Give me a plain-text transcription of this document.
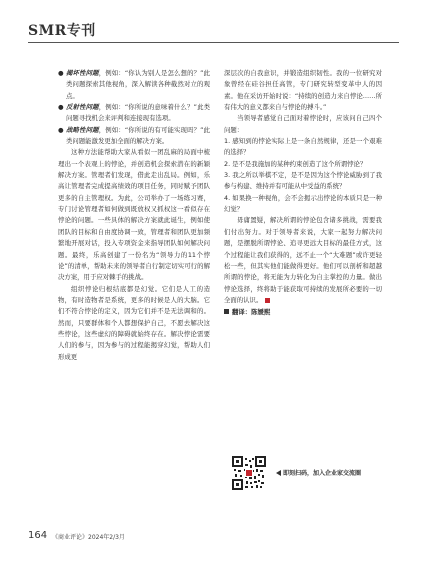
SMR专刊
● 揭坏性问题，例如：“你认为别人是怎么想的？”此类问题探索其他视角，深入解读各种截然对立的观点。
● 反射性问题，例如：“你所说的意味着什么？”此类问题寻找机会来评判和连接现有选项。
● 战略性问题，例如：“你所说的有可能实现吗？”此类问题能激发更加全面的解决方案。

这种方法能帮助大家从看似一团乱麻的局面中梳理出一个表观上的悖论，并创造机会探索潜在的新颖解决方案。管理者们发现，借此走出乱局。例如，乐高让管理者完成提高绩效的项目任务，同时赋予团队更多的自主管理权。为此，公司举办了一场练习赛，专门讨论管理者如何做到既放权又抓权这一看似存在悖论的问题。一些具体的解决方案就此诞生，例如使团队的目标和自由度协调一致，管理者和团队更加频繁地开展对话，投入专项资金来指导团队如何解决问题。最终，乐高创建了一份名为“领导力的11个悖论”的清单，帮助未来的领导者自行制定切实可行的解决方案，用于应对棘手的挑战。

组织悖论归根结底都是幻觉。它们是人工的造物，有时造物者是系统，更多的时候是人的大脑。它们不符合悖论的定义，因为它们并不是无法调和的。然而，只要群体和个人都想保护自己，不愿去解决这些悖论，这些虚幻的障碍就始终存在。解决悖论需要人们的参与，因为参与的过程能揭穿幻觉，帮助人们形成更

深层次的自我意识，并锻造组织韧性。我的一位研究对象曾经在硅谷担任高管，专门研究转型变革中人的因素。他在采访开始时说：“持续的创造力来自悖论……所有伟大的意义都来自与悖论的搏斗。”

当领导者感觉自己面对着悖论时，应该问自己四个问题：

1. 感知到的悖论实际上是一条自然规律，还是一个艰难的选择？

2. 是不是我施加的某种约束创造了这个所谓悖论？

3. 我之所以举棋不定，是不是因为这个悖论威胁到了我参与构建、维持并有可能从中受益的系统？

4. 如果换一种视角，会不会揭示出悖论的本质只是一种幻觉？

毋庸置疑，解决所谓的悖论包含诸多挑战，需要我们付出努力。对于领导者来说，大家一起努力解决问题，是摆脱所谓悖论、追寻更远大目标的最佳方式，这个过程能让我们获得的，远不止一个“大难题”或许更轻松一些，但其实他们能做得更好。他们可以剖析和超越所谓的悖论，将无能为力转化为自主掌控的力量。做出悖论选择，终将助于能获取可持续的发展所必要的一切全面的认识。

翻译：陈媛熙
即刻扫码，加入企业家交流圈
164 《商业评论》2024年2/3月
